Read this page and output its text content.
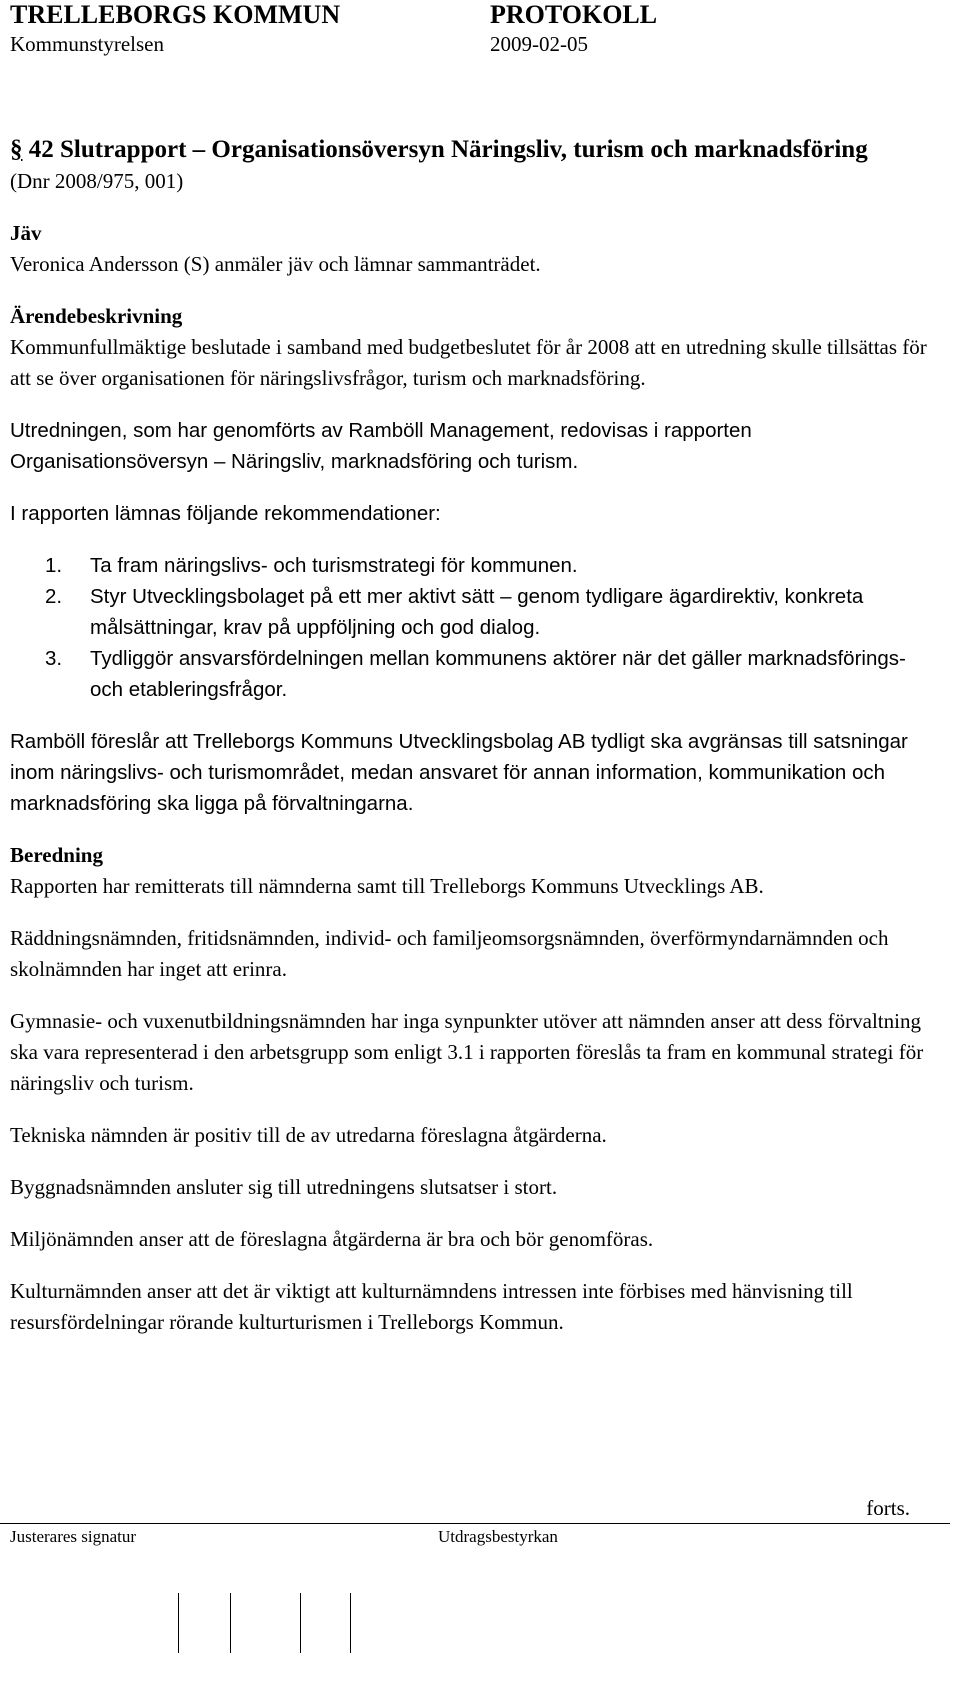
TRELLEBORGS KOMMUN	PROTOKOLL
Kommunstyrelsen	2009-02-05

§ 42 Slutrapport – Organisationsöversyn Näringsliv, turism och marknadsföring

(Dnr 2008/975, 001)

Jäv

Veronica Andersson (S) anmäler jäv och lämnar sammanträdet.

Ärendebeskrivning

Kommunfullmäktige beslutade i samband med budgetbeslutet för år 2008 att en utredning skulle tillsättas för att se över organisationen för näringslivsfrågor, turism och marknadsföring.

Utredningen, som har genomförts av Ramböll Management, redovisas i rapporten Organisationsöversyn – Näringsliv, marknadsföring och turism.

I rapporten lämnas följande rekommendationer:

1. Ta fram näringslivs- och turismstrategi för kommunen.
2. Styr Utvecklingsbolaget på ett mer aktivt sätt – genom tydligare ägardirektiv, konkreta målsättningar, krav på uppföljning och god dialog.
3. Tydliggör ansvarsfördelningen mellan kommunens aktörer när det gäller marknadsförings- och etableringsfrågor.

Ramböll föreslår att Trelleborgs Kommuns Utvecklingsbolag AB tydligt ska avgränsas till satsningar inom näringslivs- och turismområdet, medan ansvaret för annan information, kommunikation och marknadsföring ska ligga på förvaltningarna.

Beredning

Rapporten har remitterats till nämnderna samt till Trelleborgs Kommuns Utvecklings AB.

Räddningsnämnden, fritidsnämnden, individ- och familjeomsorgsnämnden, överförmyndarnämnden och skolnämnden har inget att erinra.

Gymnasie- och vuxenutbildningsnämnden har inga synpunkter utöver att nämnden anser att dess förvaltning ska vara representerad i den arbetsgrupp som enligt 3.1 i rapporten föreslås ta fram en kommunal strategi för näringsliv och turism.

Tekniska nämnden är positiv till de av utredarna föreslagna åtgärderna.

Byggnadsnämnden ansluter sig till utredningens slutsatser i stort.

Miljönämnden anser att de föreslagna åtgärderna är bra och bör genomföras.

Kulturnämnden anser att det är viktigt att kulturnämndens intressen inte förbises med hänvisning till resursfördelningar rörande kulturturismen i Trelleborgs Kommun.

forts.
Justerares signatur	Utdragsbestyrkan
